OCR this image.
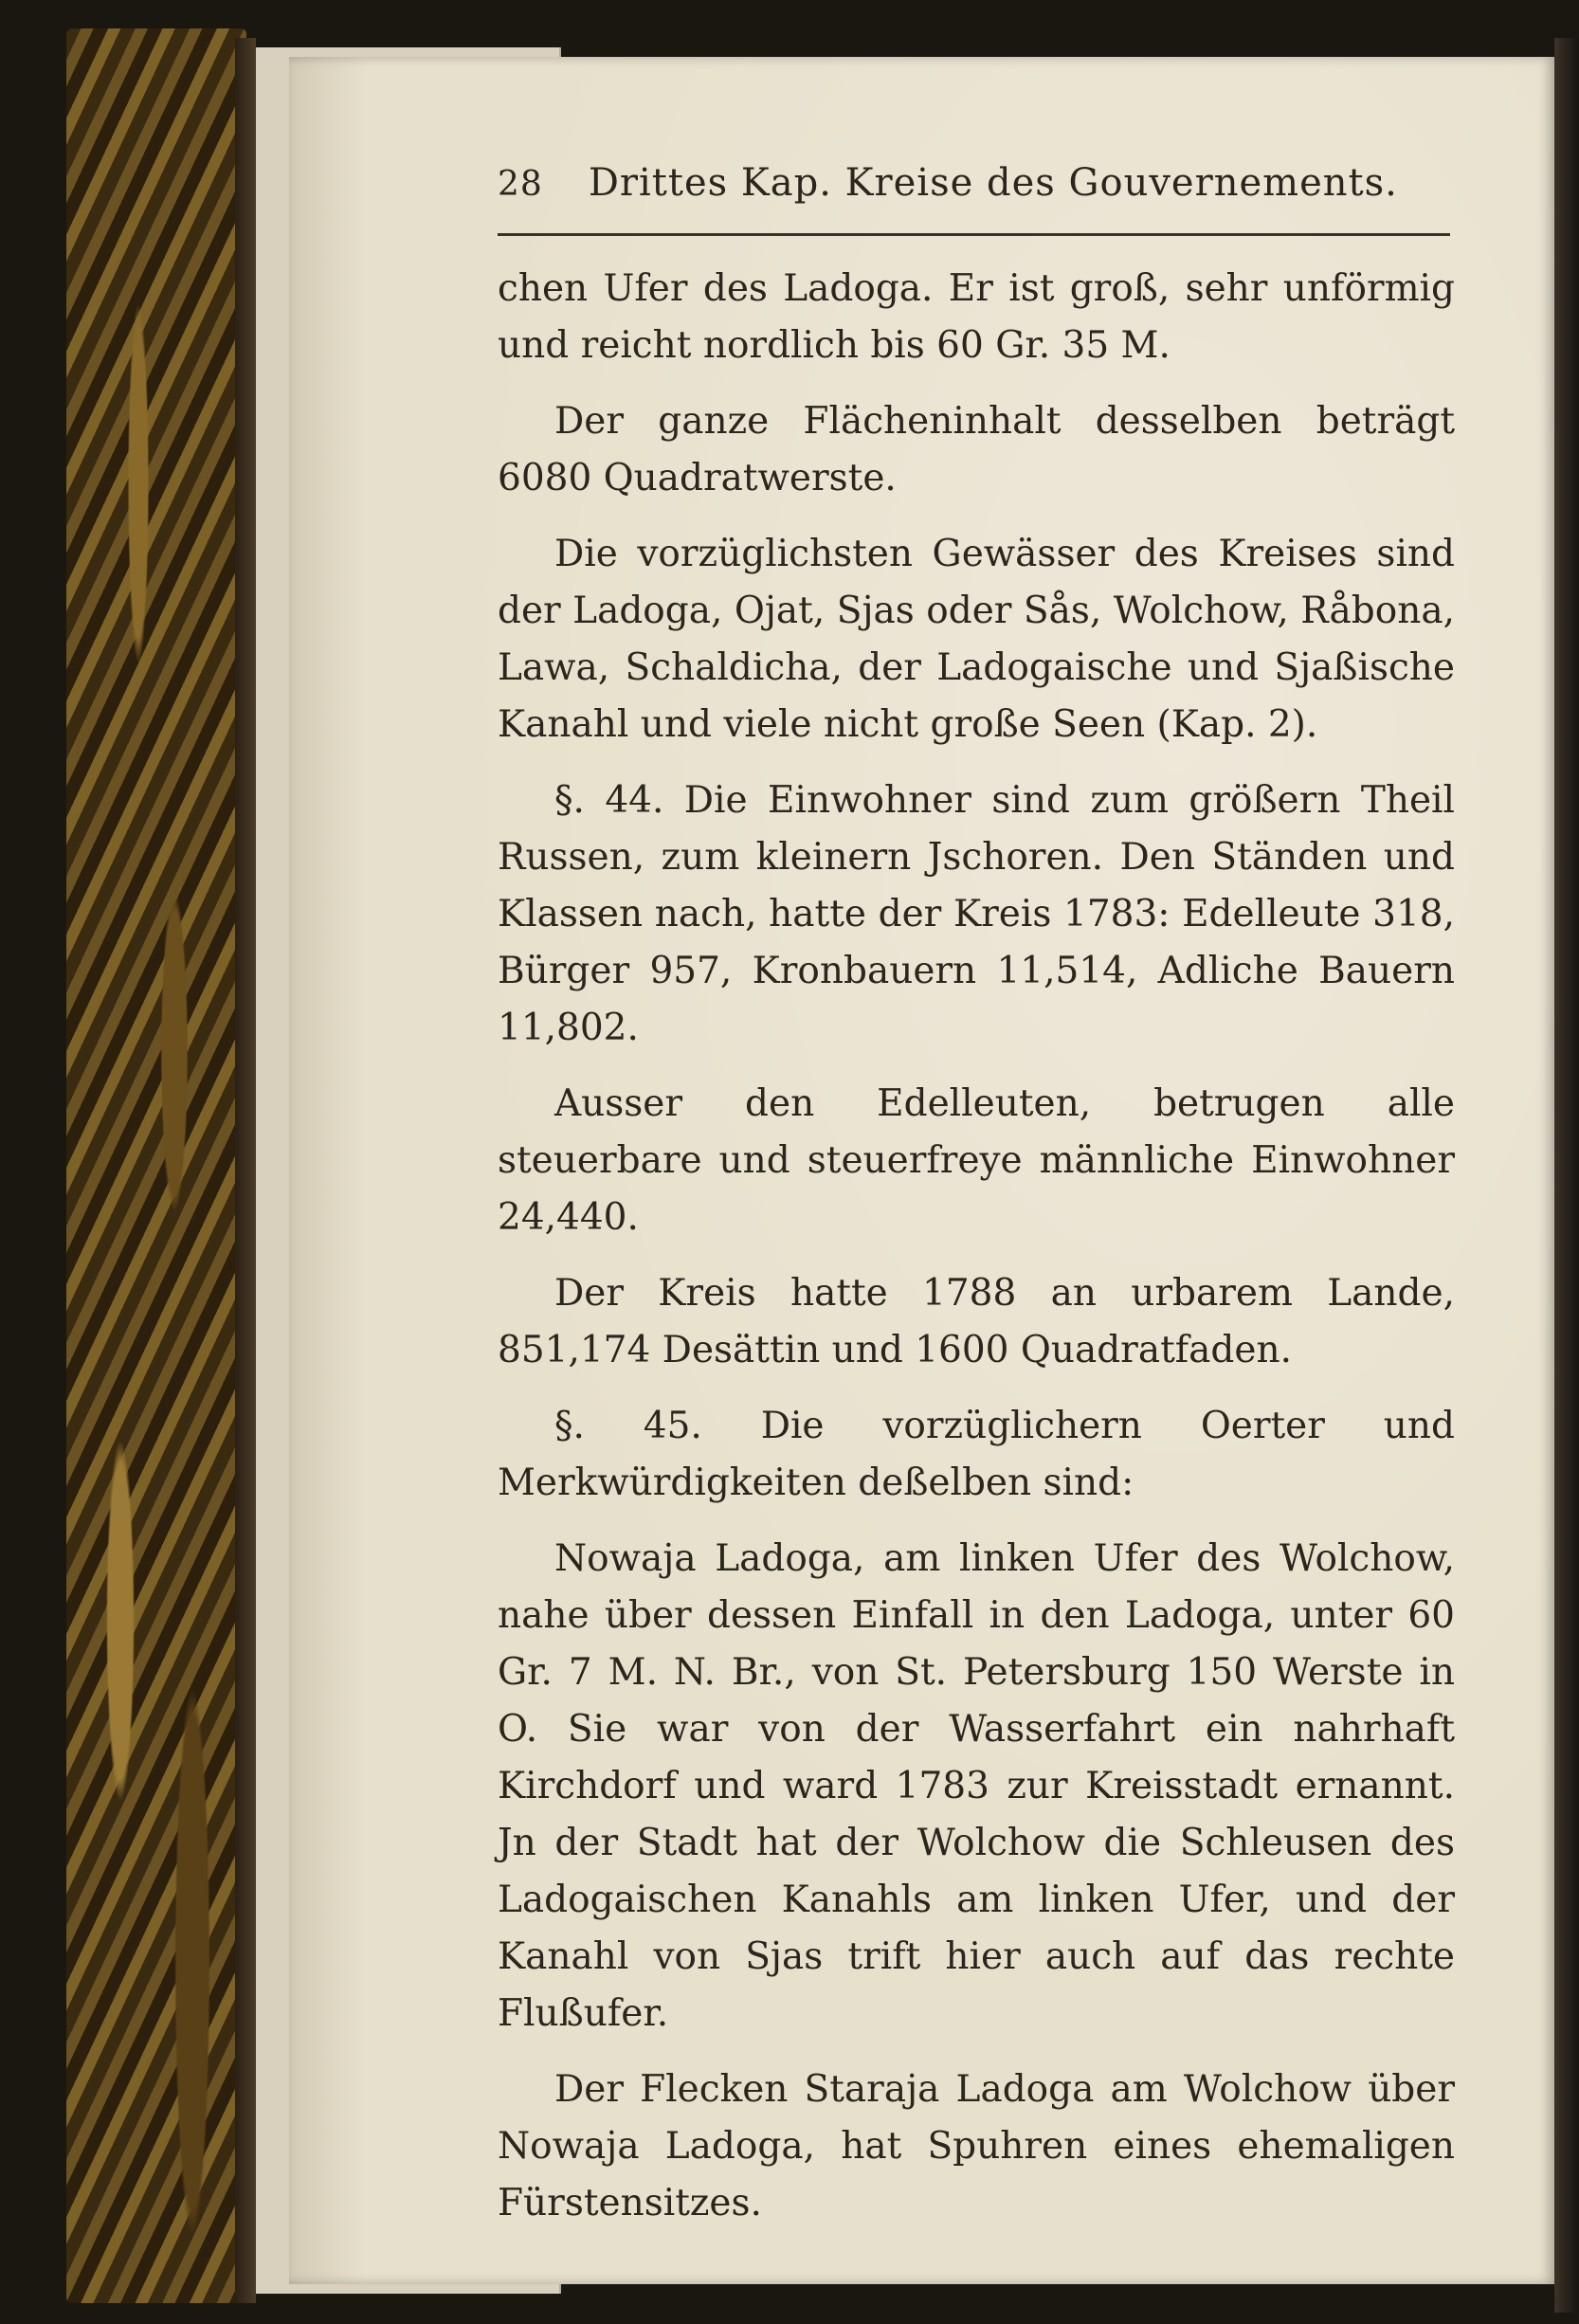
28 Drittes Kap. Kreise des Gouvernements.

chen Ufer des Ladoga. Er ist groß, sehr unförmig und reicht nordlich bis 60 Gr. 35 M.

Der ganze Flächeninhalt desselben beträgt 6080 Quadratwerste.

Die vorzüglichsten Gewässer des Kreises sind der Ladoga, Ojat, Sjas oder Sås, Wolchow, Råbona, Lawa, Schaldicha, der Ladogaische und Sjaßische Kanahl und viele nicht große Seen (Kap. 2).

§. 44. Die Einwohner sind zum größern Theil Russen, zum kleinern Jschoren. Den Ständen und Klassen nach, hatte der Kreis 1783: Edelleute 318, Bürger 957, Kronbauern 11,514, Adliche Bauern 11,802.

Ausser den Edelleuten, betrugen alle steuerbare und steuerfreye männliche Einwohner 24,440.

Der Kreis hatte 1788 an urbarem Lande, 851,174 Desättin und 1600 Quadratfaden.

§. 45. Die vorzüglichern Oerter und Merkwürdigkeiten deßelben sind:

Nowaja Ladoga, am linken Ufer des Wolchow, nahe über dessen Einfall in den Ladoga, unter 60 Gr. 7 M. N. Br., von St. Petersburg 150 Werste in O. Sie war von der Wasserfahrt ein nahrhaft Kirchdorf und ward 1783 zur Kreisstadt ernannt. Jn der Stadt hat der Wolchow die Schleusen des Ladogaischen Kanahls am linken Ufer, und der Kanahl von Sjas trift hier auch auf das rechte Flußufer.

Der Flecken Staraja Ladoga am Wolchow über Nowaja Ladoga, hat Spuhren eines ehemaligen Fürstensitzes.
